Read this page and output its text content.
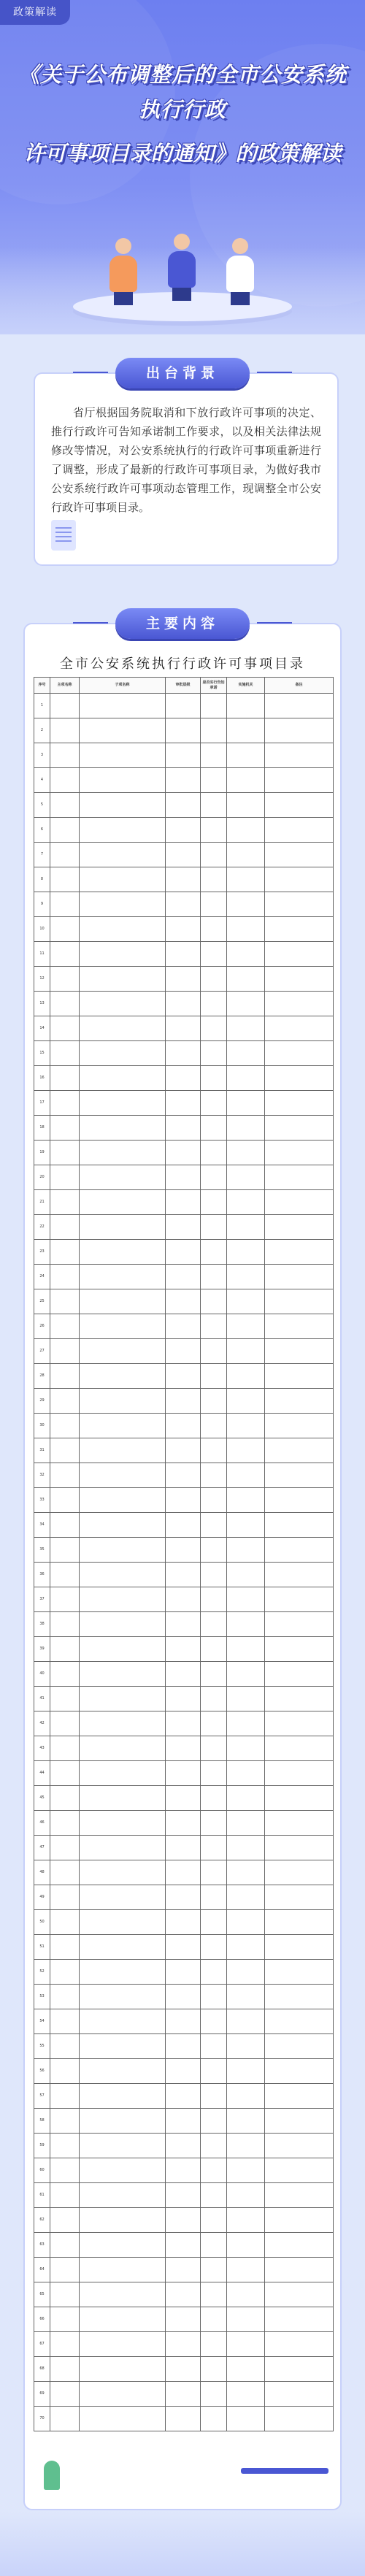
政策解读
《关于公布调整后的全市公安系统执行行政
许可事项目录的通知》的政策解读
出台背景

省厅根据国务院取消和下放行政许可事项的决定、推行行政许可告知承诺制工作要求，以及相关法律法规修改等情况，对公安系统执行的行政许可事项重新进行了调整，形成了最新的行政许可事项目录，为做好我市公安系统行政许可事项动态管理工作，现调整全市公安行政许可事项目录。

主要内容
全市公安系统执行行政许可事项目录
序号	主项名称	子项名称	审批层级	是否实行告知承诺	实施机关	备注
1						
2						
3						
4						
5						
6						
7						
8						
9						
10						
11						
12						
13						
14						
15						
16						
17						
18						
19						
20						
21						
22						
23						
24						
25						
26						
27						
28						
29						
30						
31						
32						
33						
34						
35						
36						
37						
38						
39						
40						
41						
42						
43						
44						
45						
46						
47						
48						
49						
50						
51						
52						
53						
54						
55						
56						
57						
58						
59						
60						
61						
62						
63						
64						
65						
66						
67						
68						
69						
70						
